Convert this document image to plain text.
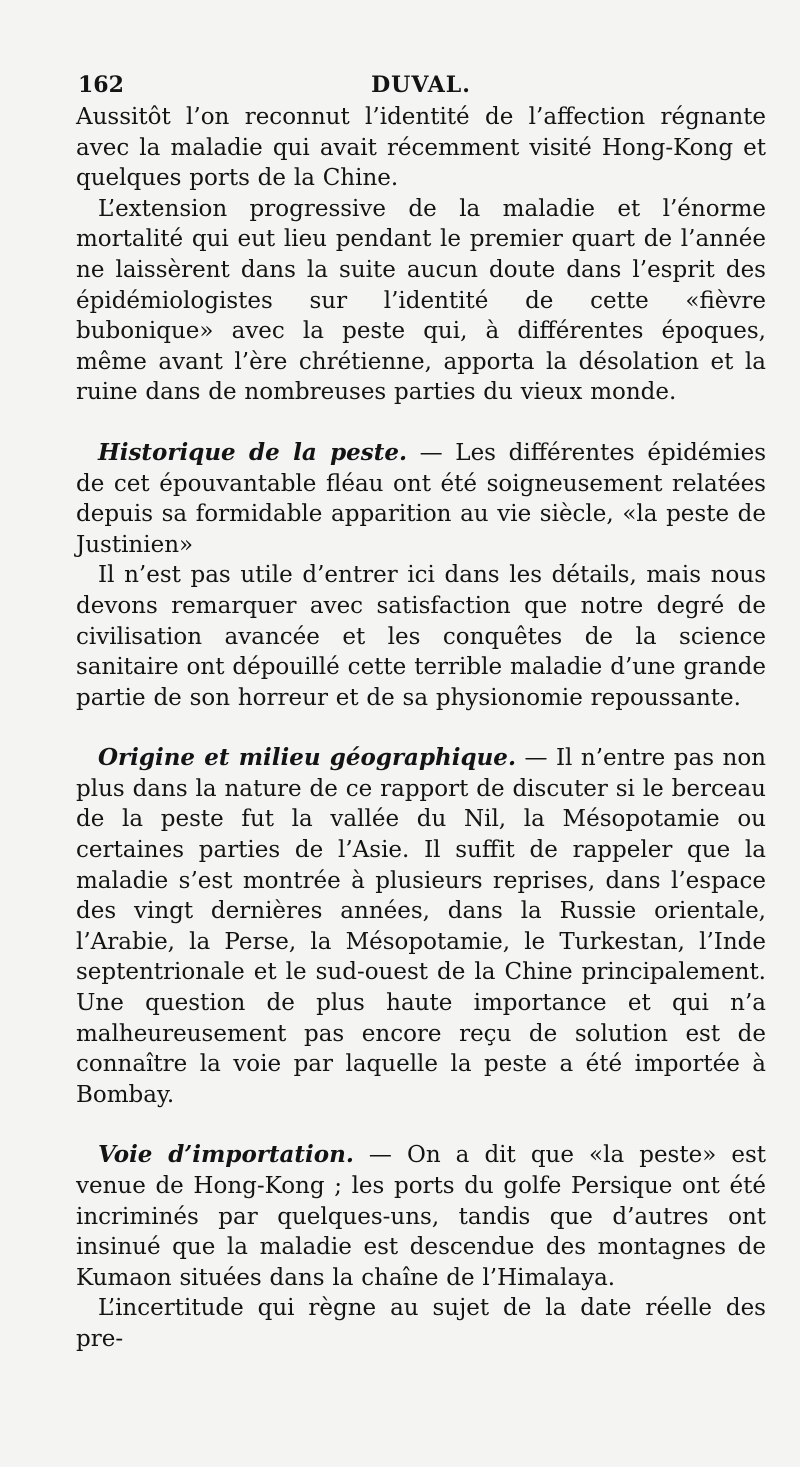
162	DUVAL.

Aussitôt l’on reconnut l’identité de l’affection régnante avec la maladie qui avait récemment visité Hong-Kong et quelques ports de la Chine.

L’extension progressive de la maladie et l’énorme mortalité qui eut lieu pendant le premier quart de l’année ne laissèrent dans la suite aucun doute dans l’esprit des épidémiologistes sur l’identité de cette «fièvre bubonique» avec la peste qui, à différentes époques, même avant l’ère chrétienne, apporta la désolation et la ruine dans de nombreuses parties du vieux monde.

Historique de la peste. — Les différentes épidémies de cet épouvantable fléau ont été soigneusement relatées depuis sa formidable apparition au vie siècle, «la peste de Justinien»

Il n’est pas utile d’entrer ici dans les détails, mais nous devons remarquer avec satisfaction que notre degré de civilisation avancée et les conquêtes de la science sanitaire ont dépouillé cette terrible maladie d’une grande partie de son horreur et de sa physionomie repoussante.

Origine et milieu géographique. — Il n’entre pas non plus dans la nature de ce rapport de discuter si le berceau de la peste fut la vallée du Nil, la Mésopotamie ou certaines parties de l’Asie. Il suffit de rappeler que la maladie s’est montrée à plusieurs reprises, dans l’espace des vingt dernières années, dans la Russie orientale, l’Arabie, la Perse, la Mésopotamie, le Turkestan, l’Inde septentrionale et le sud-ouest de la Chine principalement. Une question de plus haute importance et qui n’a malheureusement pas encore reçu de solution est de connaître la voie par laquelle la peste a été importée à Bombay.

Voie d’importation. — On a dit que «la peste» est venue de Hong-Kong ; les ports du golfe Persique ont été incriminés par quelques-uns, tandis que d’autres ont insinué que la maladie est descendue des montagnes de Kumaon situées dans la chaîne de l’Himalaya.

L’incertitude qui règne au sujet de la date réelle des pre-
